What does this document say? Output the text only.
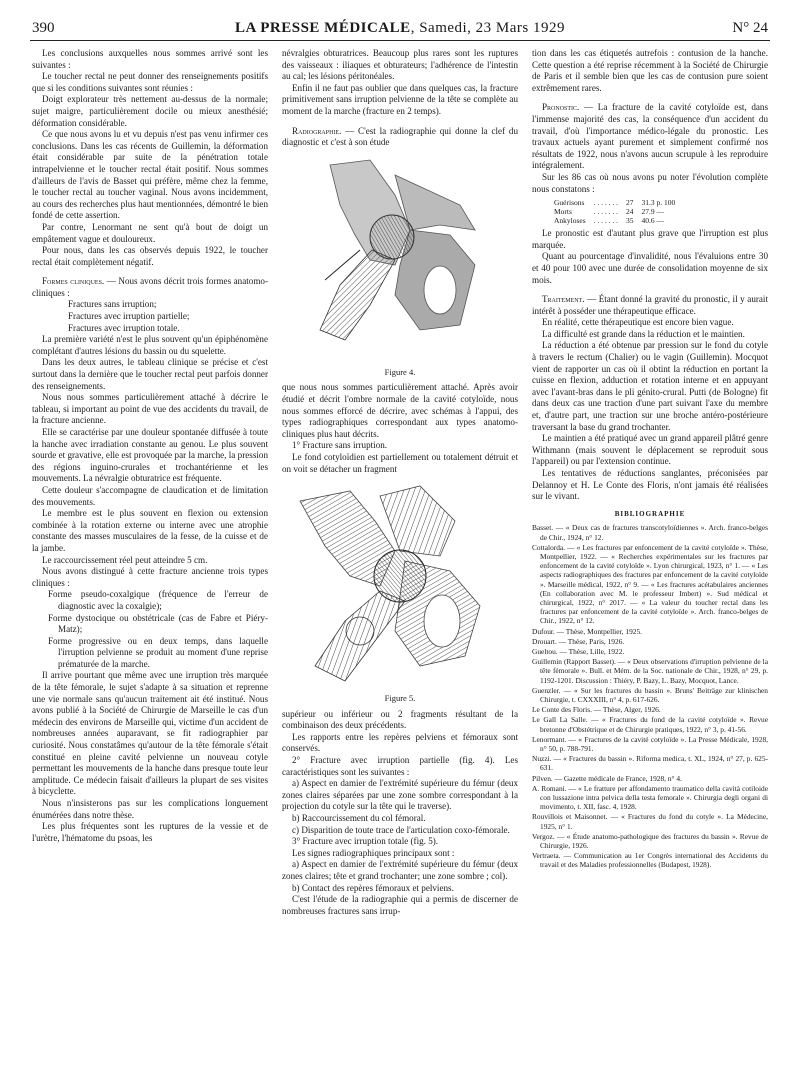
390	LA PRESSE MÉDICALE, Samedi, 23 Mars 1929	N° 24

Les conclusions auxquelles nous sommes arrivé sont les suivantes :

Le toucher rectal ne peut donner des renseignements positifs que si les conditions suivantes sont réunies :

Doigt explorateur très nettement au-dessus de la normale; sujet maigre, particulièrement docile ou mieux anesthésié; déformation considérable.

Ce que nous avons lu et vu depuis n'est pas venu infirmer ces conclusions. Dans les cas récents de Guillemin, la déformation était considérable par suite de la pénétration totale intrapelvienne et le toucher rectal était positif. Nous sommes d'ailleurs de l'avis de Basset qui préfère, même chez la femme, le toucher rectal au toucher vaginal. Nous avons incidemment, au cours des recherches plus haut mentionnées, démontré le bien fondé de cette assertion.

Par contre, Lenormant ne sent qu'à bout de doigt un empâtement vague et douloureux.

Pour nous, dans les cas observés depuis 1922, le toucher rectal était complètement négatif.

Formes cliniques. — Nous avons décrit trois formes anatomo-cliniques :

Fractures sans irruption;

Fractures avec irruption partielle;

Fractures avec irruption totale.

La première variété n'est le plus souvent qu'un épiphénomène complétant d'autres lésions du bassin ou du squelette.

Dans les deux autres, le tableau clinique se précise et c'est surtout dans la dernière que le toucher rectal peut parfois donner des renseignements.

Nous nous sommes particulièrement attaché à décrire le tableau, si important au point de vue des accidents du travail, de la fracture ancienne.

Elle se caractérise par une douleur spontanée diffusée à toute la hanche avec irradiation constante au genou. Le plus souvent sourde et gravative, elle est provoquée par la marche, la pression des régions inguino-crurales et trochantérienne et les mouvements. La névralgie obturatrice est fréquente.

Cette douleur s'accompagne de claudication et de limitation des mouvements.

Le membre est le plus souvent en flexion ou extension combinée à la rotation externe ou interne avec une atrophie constante des masses musculaires de la fesse, de la cuisse et de la jambe.

Le raccourcissement réel peut atteindre 5 cm.

Nous avons distingué à cette fracture ancienne trois types cliniques :

Forme pseudo-coxalgique (fréquence de l'erreur de diagnostic avec la coxalgie);

Forme dystocique ou obstétricale (cas de Fabre et Piéry-Matz);

Forme progressive ou en deux temps, dans laquelle l'irruption pelvienne se produit au moment d'une reprise prématurée de la marche.

Il arrive pourtant que même avec une irruption très marquée de la tête fémorale, le sujet s'adapte à sa situation et reprenne une vie normale sans qu'aucun traitement ait été institué. Nous avons publié à la Société de Chirurgie de Marseille le cas d'un médecin des environs de Marseille qui, victime d'un accident de nombreuses années auparavant, se fit radiographier par curiosité. Nous constatâmes qu'autour de la tête fémorale s'était constitué en pleine cavité pelvienne un nouveau cotyle permettant les mouvements de la hanche dans presque toute leur amplitude. Ce médecin faisait d'ailleurs la plupart de ses visites à bicyclette.

Nous n'insisterons pas sur les complications longuement énumérées dans notre thèse.

Les plus fréquentes sont les ruptures de la vessie et de l'urètre, l'hématome du psoas, les

névralgies obturatrices. Beaucoup plus rares sont les ruptures des vaisseaux : iliaques et obturateurs; l'adhérence de l'intestin au cal; les lésions péritonéales.

Enfin il ne faut pas oublier que dans quelques cas, la fracture primitivement sans irruption pelvienne de la tête se complète au moment de la marche (fracture en 2 temps).

Radiographie. — C'est la radiographie qui donne la clef du diagnostic et c'est à son étude

Figure 4.

que nous nous sommes particulièrement attaché. Après avoir étudié et décrit l'ombre normale de la cavité cotyloïde, nous nous sommes efforcé de décrire, avec schémas à l'appui, des types radiographiques correspondant aux types anatomo-cliniques plus haut décrits.

1° Fracture sans irruption.

Le fond cotyloïdien est partiellement ou totalement détruit et on voit se détacher un fragment

Figure 5.

supérieur ou inférieur ou 2 fragments résultant de la combinaison des deux précédents.

Les rapports entre les repères pelviens et fémoraux sont conservés.

2° Fracture avec irruption partielle (fig. 4). Les caractéristiques sont les suivantes :

a) Aspect en damier de l'extrémité supérieure du fémur (deux zones claires séparées par une zone sombre correspondant à la projection du cotyle sur la tête qui le traverse).

b) Raccourcissement du col fémoral.

c) Disparition de toute trace de l'articulation coxo-fémorale.

3° Fracture avec irruption totale (fig. 5).

Les signes radiographiques principaux sont :

a) Aspect en damier de l'extrémité supérieure du fémur (deux zones claires; tête et grand trochanter; une zone sombre ; col).

b) Contact des repères fémoraux et pelviens.

C'est l'étude de la radiographie qui a permis de discerner de nombreuses fractures sans irrup-

tion dans les cas étiquetés autrefois : contusion de la hanche. Cette question a été reprise récemment à la Société de Chirurgie de Paris et il semble bien que les cas de contusion pure soient extrêmement rares.

Pronostic. — La fracture de la cavité cotyloïde est, dans l'immense majorité des cas, la conséquence d'un accident du travail, d'où l'importance médico-légale du pronostic. Les travaux actuels ayant purement et simplement confirmé nos résultats de 1922, nous n'avons aucun scrupule à les reproduire intégralement.

Sur les 86 cas où nous avons pu noter l'évolution complète nous constatons :

Guérisons	. . . . . . .	27	31.3 p. 100
Morts	. . . . . . .	24	27.9 —
Ankyloses	. . . . . . .	35	40.6 —

Le pronostic est d'autant plus grave que l'irruption est plus marquée.

Quant au pourcentage d'invalidité, nous l'évaluions entre 30 et 40 pour 100 avec une durée de consolidation moyenne de six mois.

Traitement. — Étant donné la gravité du pronostic, il y aurait intérêt à posséder une thérapeutique efficace.

En réalité, cette thérapeutique est encore bien vague.

La difficulté est grande dans la réduction et le maintien.

La réduction a été obtenue par pression sur le fond du cotyle à travers le rectum (Chalier) ou le vagin (Guillemin). Mocquot vient de rapporter un cas où il obtint la réduction en portant la cuisse en flexion, adduction et rotation interne et en appuyant avec l'avant-bras dans le pli génito-crural. Putti (de Bologne) fit dans deux cas une traction d'une part suivant l'axe du membre et, d'autre part, une traction sur une broche antéro-postérieure traversant la base du grand trochanter.

Le maintien a été pratiqué avec un grand appareil plâtré genre Withmann (mais souvent le déplacement se reproduit sous l'appareil) ou par l'extension continue.

Les tentatives de réductions sanglantes, préconisées par Delannoy et H. Le Conte des Floris, n'ont jamais été réalisées sur le vivant.

BIBLIOGRAPHIE

Basset. — « Deux cas de fractures transcotyloïdiennes ». Arch. franco-belges de Chir., 1924, n° 12.

Cottalorda. — « Les fractures par enfoncement de la cavité cotyloïde ». Thèse, Montpellier, 1922. — « Recherches expérimentales sur les fractures par enfoncement de la cavité cotyloïde ». Lyon chirurgical, 1923, n° 1. — « Les aspects radiographiques des fractures par enfoncement de la cavité cotyloïde ». Marseille médical, 1922, n° 9. — « Les fractures acétabulaires anciennes (En collaboration avec M. le professeur Imbert) ». Sud médical et chirurgical, 1922, n° 2017. — « La valeur du toucher rectal dans les fractures par enfoncement de la cavité cotyloïde ». Arch. franco-belges de Chir., 1922, n° 12.

Dufour. — Thèse, Montpellier, 1925.

Drouart. — Thèse, Paris, 1926.

Gueltou. — Thèse, Lille, 1922.

Guillemin (Rapport Basset). — « Deux observations d'irruption pelvienne de la tête fémorale ». Bull. et Mém. de la Soc. nationale de Chir., 1928, n° 29, p. 1192-1201. Discussion : Thiéry, P. Bazy, L. Bazy, Mocquot, Lance.

Guenzler. — « Sur les fractures du bassin ». Bruns' Beiträge zur klinischen Chirurgie, t. CXXXIII, n° 4, p. 617-626.

Le Conte des Floris. — Thèse, Alger, 1926.

Le Gall La Salle. — « Fractures du fond de la cavité cotyloïde ». Revue bretonne d'Obstétrique et de Chirurgie pratiques, 1922, n° 3, p. 41-56.

Lenormant. — « Fractures de la cavité cotyloïde ». La Presse Médicale, 1928, n° 50, p. 788-791.

Nuzzi. — « Fractures du bassin ». Riforma medica, t. XL, 1924, n° 27, p. 625-631.

Pilven. — Gazette médicale de France, 1928, n° 4.

A. Romani. — « Le fratture per affondamento traumatico della cavità cotiloide con lussazione intra pelvica della testa femorale ». Chirurgia degli organi di movimento, t. XII, fasc. 4, 1928.

Rouvillois et Maisonnet. — « Fractures du fond du cotyle ». La Médecine, 1925, n° 1.

Vergoz. — « Étude anatomo-pathologique des fractures du bassin ». Revue de Chirurgie, 1926.

Vertraeta. — Communication au 1er Congrès international des Accidents du travail et des Maladies professionnelles (Budapest, 1928).
